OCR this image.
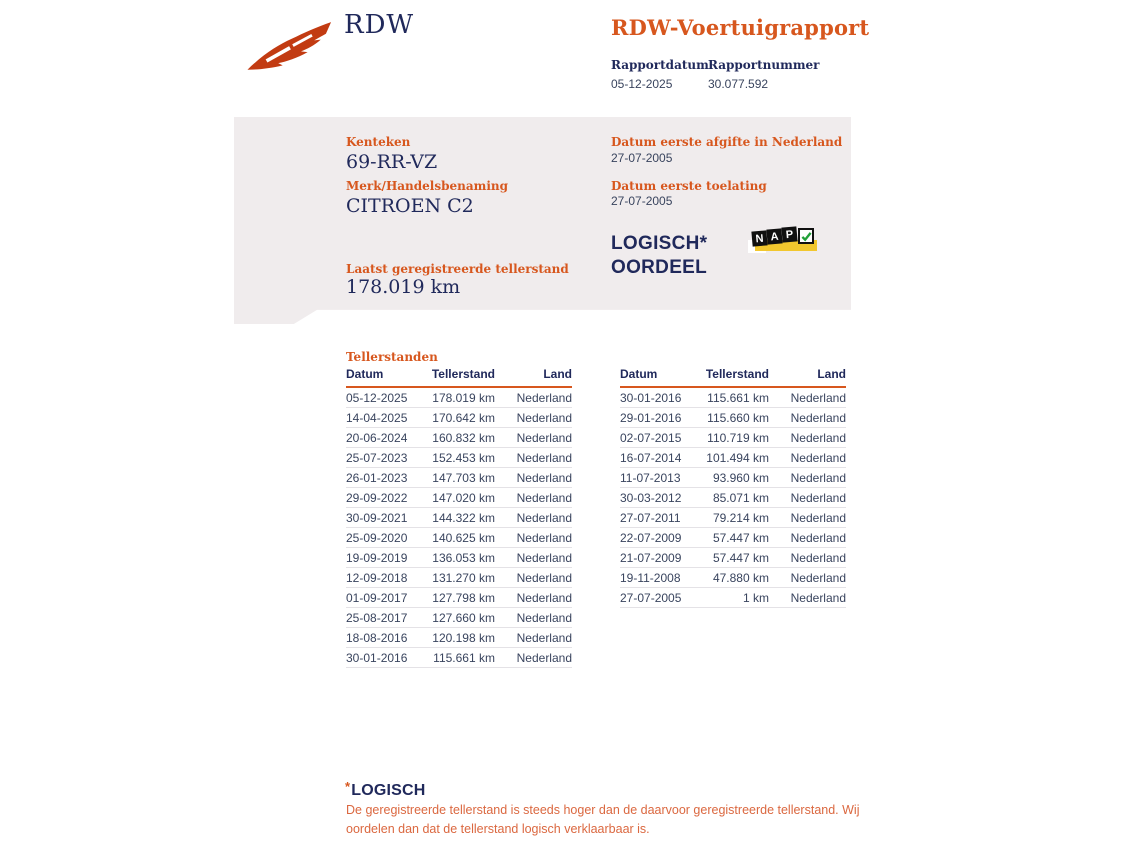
RDW	RDW-Voertuigrapport
Rapportdatum
05-12-2025
Rapportnummer
30.077.592
Kenteken
69-RR-VZ
Merk/Handelsbenaming
CITROEN C2
Laatst geregistreerde tellerstand
178.019 km
Datum eerste afgifte in Nederland
27-07-2005
Datum eerste toelating
27-07-2005
LOGISCH*
OORDEEL
N A P
Tellerstanden
Datum	Tellerstand	Land
05-12-2025	178.019 km	Nederland
14-04-2025	170.642 km	Nederland
20-06-2024	160.832 km	Nederland
25-07-2023	152.453 km	Nederland
26-01-2023	147.703 km	Nederland
29-09-2022	147.020 km	Nederland
30-09-2021	144.322 km	Nederland
25-09-2020	140.625 km	Nederland
19-09-2019	136.053 km	Nederland
12-09-2018	131.270 km	Nederland
01-09-2017	127.798 km	Nederland
25-08-2017	127.660 km	Nederland
18-08-2016	120.198 km	Nederland
30-01-2016	115.661 km	Nederland
Datum	Tellerstand	Land
30-01-2016	115.661 km	Nederland
29-01-2016	115.660 km	Nederland
02-07-2015	110.719 km	Nederland
16-07-2014	101.494 km	Nederland
11-07-2013	93.960 km	Nederland
30-03-2012	85.071 km	Nederland
27-07-2011	79.214 km	Nederland
22-07-2009	57.447 km	Nederland
21-07-2009	57.447 km	Nederland
19-11-2008	47.880 km	Nederland
27-07-2005	1 km	Nederland
*LOGISCH

De geregistreerde tellerstand is steeds hoger dan de daarvoor geregistreerde tellerstand. Wij oordelen dan dat de tellerstand logisch verklaarbaar is.
